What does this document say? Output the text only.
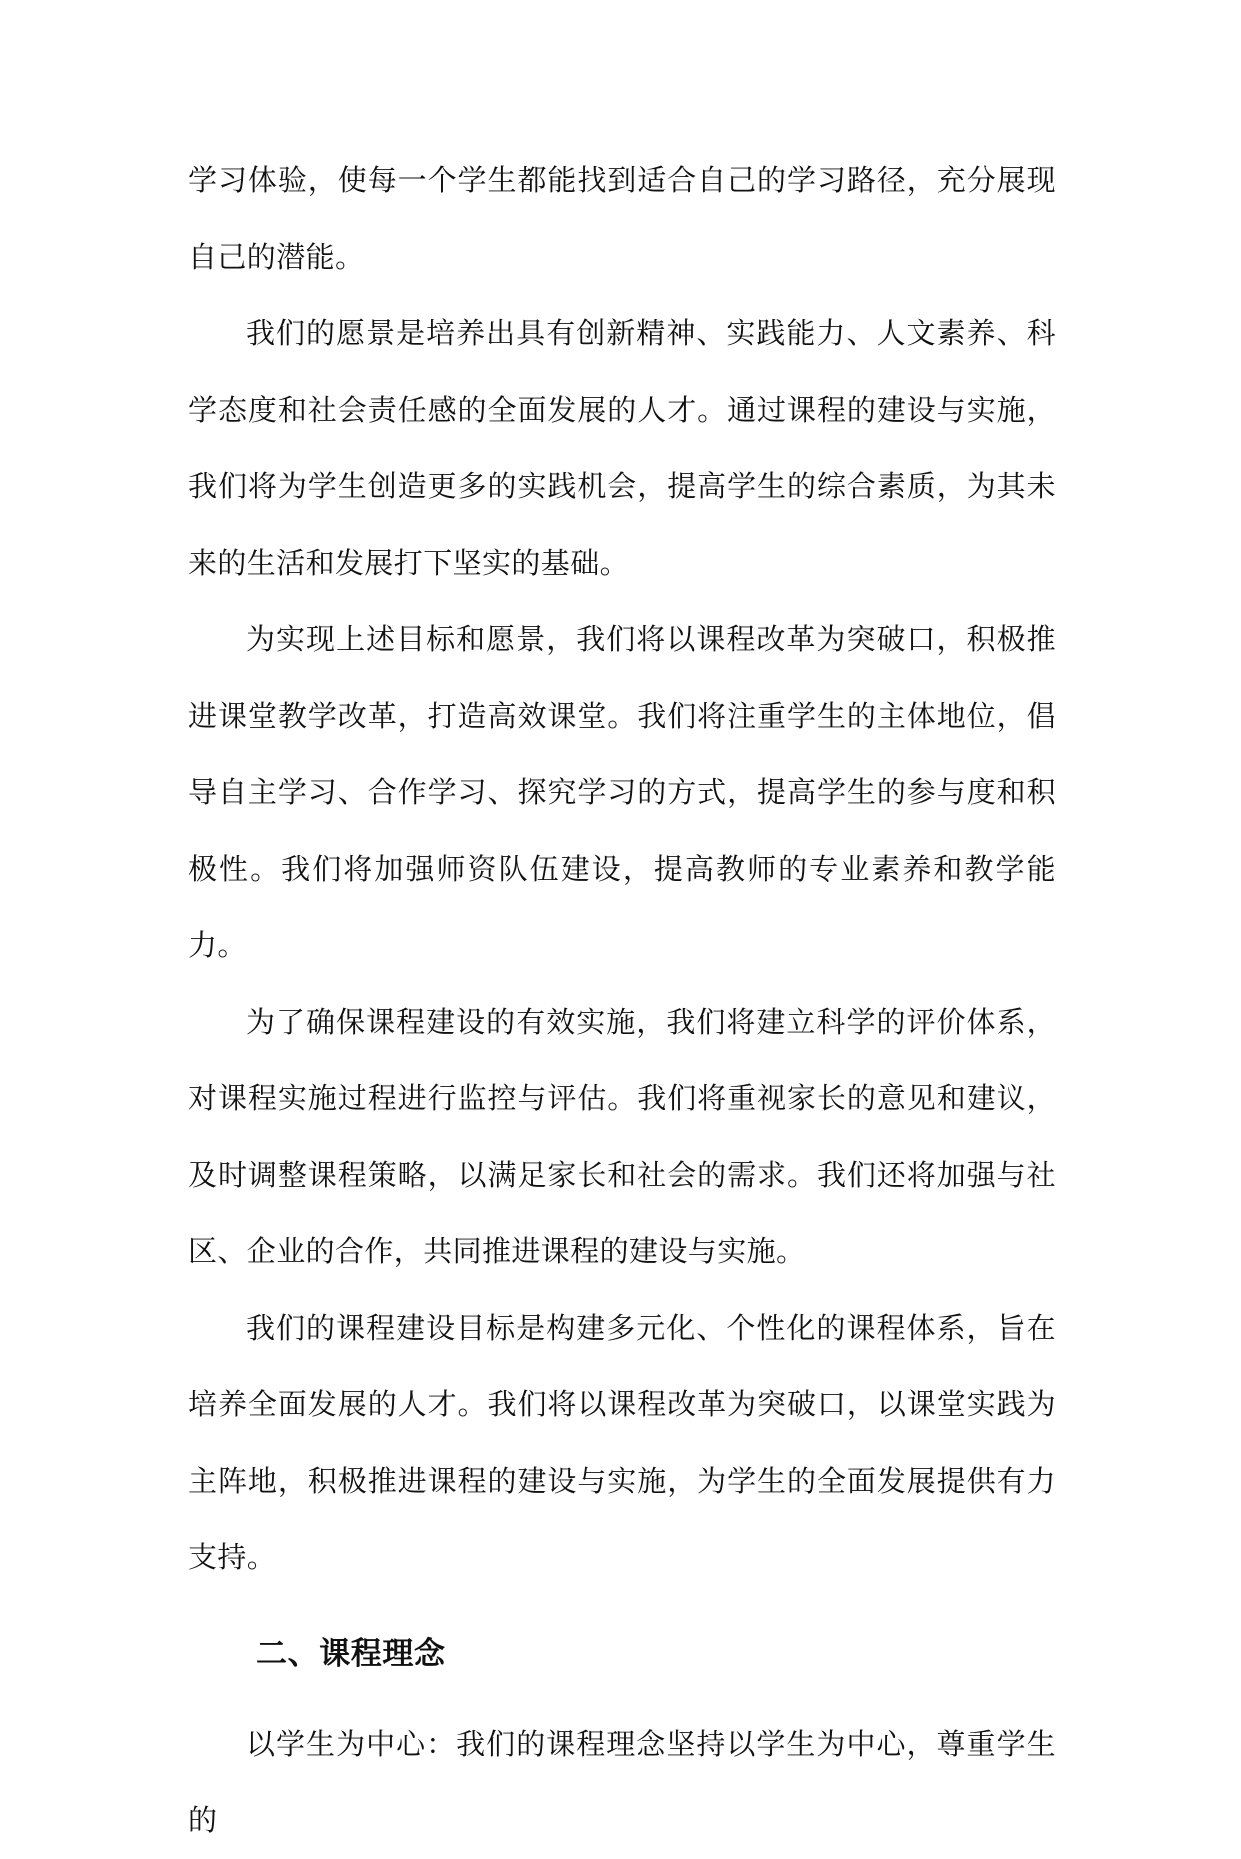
学习体验，使每一个学生都能找到适合自己的学习路径，充分展现自己的潜能。

我们的愿景是培养出具有创新精神、实践能力、人文素养、科学态度和社会责任感的全面发展的人才。通过课程的建设与实施，我们将为学生创造更多的实践机会，提高学生的综合素质，为其未来的生活和发展打下坚实的基础。

为实现上述目标和愿景，我们将以课程改革为突破口，积极推进课堂教学改革，打造高效课堂。我们将注重学生的主体地位，倡导自主学习、合作学习、探究学习的方式，提高学生的参与度和积极性。我们将加强师资队伍建设，提高教师的专业素养和教学能力。

为了确保课程建设的有效实施，我们将建立科学的评价体系，对课程实施过程进行监控与评估。我们将重视家长的意见和建议，及时调整课程策略，以满足家长和社会的需求。我们还将加强与社区、企业的合作，共同推进课程的建设与实施。

我们的课程建设目标是构建多元化、个性化的课程体系，旨在培养全面发展的人才。我们将以课程改革为突破口，以课堂实践为主阵地，积极推进课程的建设与实施，为学生的全面发展提供有力支持。

二、课程理念

以学生为中心：我们的课程理念坚持以学生为中心，尊重学生的
